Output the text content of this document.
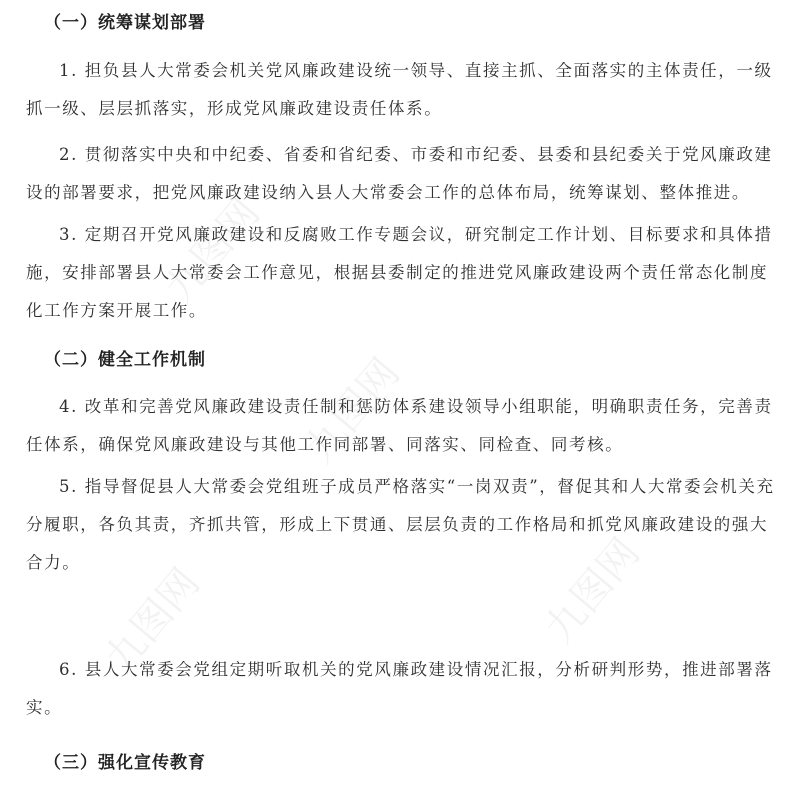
（一）统筹谋划部署
1. 担负县人大常委会机关党风廉政建设统一领导、直接主抓、全面落实的主体责任，一级抓一级、层层抓落实，形成党风廉政建设责任体系。
2. 贯彻落实中央和中纪委、省委和省纪委、市委和市纪委、县委和县纪委关于党风廉政建设的部署要求，把党风廉政建设纳入县人大常委会工作的总体布局，统筹谋划、整体推进。
3. 定期召开党风廉政建设和反腐败工作专题会议，研究制定工作计划、目标要求和具体措施，安排部署县人大常委会工作意见，根据县委制定的推进党风廉政建设两个责任常态化制度化工作方案开展工作。
（二）健全工作机制
4. 改革和完善党风廉政建设责任制和惩防体系建设领导小组职能，明确职责任务，完善责任体系，确保党风廉政建设与其他工作同部署、同落实、同检查、同考核。
5. 指导督促县人大常委会党组班子成员严格落实“一岗双责”，督促其和人大常委会机关充分履职，各负其责，齐抓共管，形成上下贯通、层层负责的工作格局和抓党风廉政建设的强大合力。
6. 县人大常委会党组定期听取机关的党风廉政建设情况汇报，分析研判形势，推进部署落实。
（三）强化宣传教育
九图网
九图网
九图网
九图网
